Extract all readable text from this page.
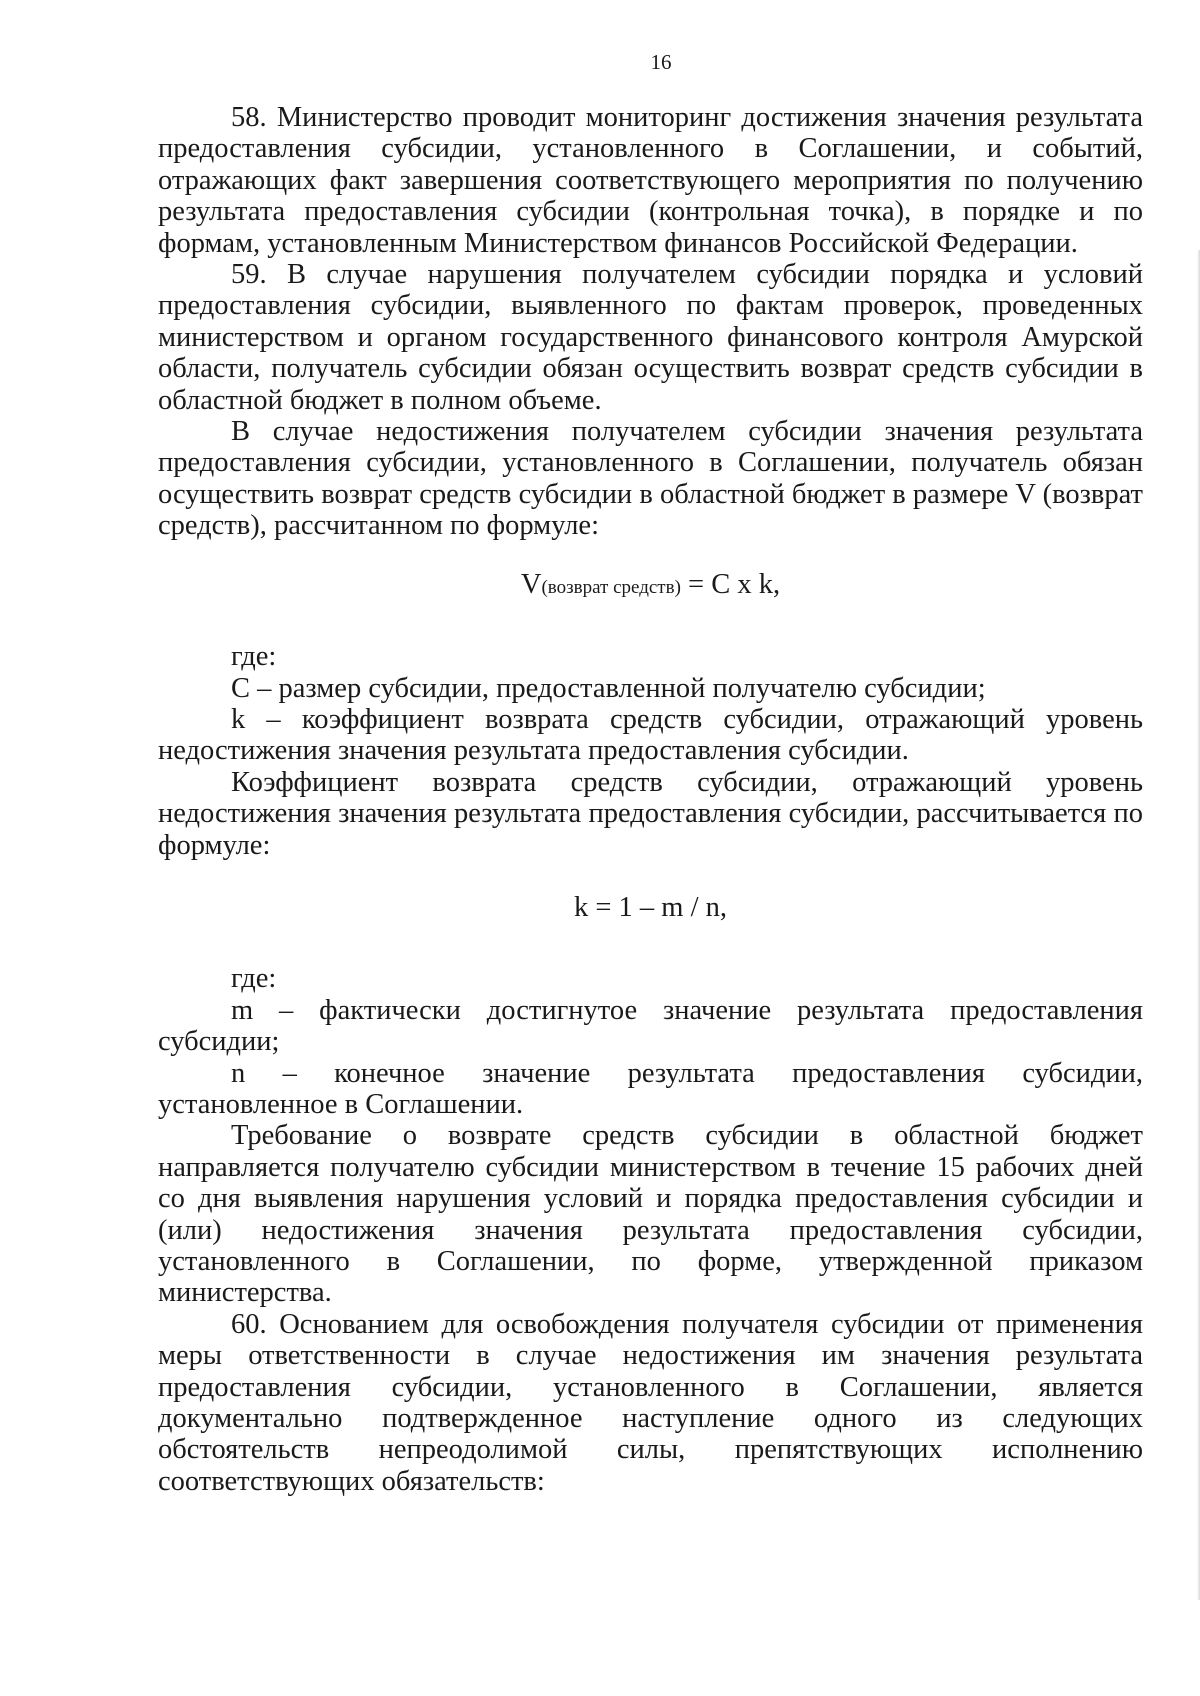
16

58. Министерство проводит мониторинг достижения значения результата предоставления субсидии, установленного в Соглашении, и событий, отражающих факт завершения соответствующего мероприятия по получению результата предоставления субсидии (контрольная точка), в порядке и по формам, установленным Министерством финансов Российской Федерации.

59. В случае нарушения получателем субсидии порядка и условий предоставления субсидии, выявленного по фактам проверок, проведенных министерством и органом государственного финансового контроля Амурской области, получатель субсидии обязан осуществить возврат средств субсидии в областной бюджет в полном объеме.

В случае недостижения получателем субсидии значения результата предоставления субсидии, установленного в Соглашении, получатель обязан осуществить возврат средств субсидии в областной бюджет в размере V (возврат средств), рассчитанном по формуле:

V(возврат средств) = C x k,

где:

C – размер субсидии, предоставленной получателю субсидии;

k – коэффициент возврата средств субсидии, отражающий уровень недостижения значения результата предоставления субсидии.

Коэффициент возврата средств субсидии, отражающий уровень недостижения значения результата предоставления субсидии, рассчитывается по формуле:

k = 1 – m / n,

где:

m – фактически достигнутое значение результата предоставления субсидии;

n – конечное значение результата предоставления субсидии, установленное в Соглашении.

Требование о возврате средств субсидии в областной бюджет направляется получателю субсидии министерством в течение 15 рабочих дней со дня выявления нарушения условий и порядка предоставления субсидии и (или) недостижения значения результата предоставления субсидии, установленного в Соглашении, по форме, утвержденной приказом министерства.

60. Основанием для освобождения получателя субсидии от применения меры ответственности в случае недостижения им значения результата предоставления субсидии, установленного в Соглашении, является документально подтвержденное наступление одного из следующих обстоятельств непреодолимой силы, препятствующих исполнению соответствующих обязательств:
